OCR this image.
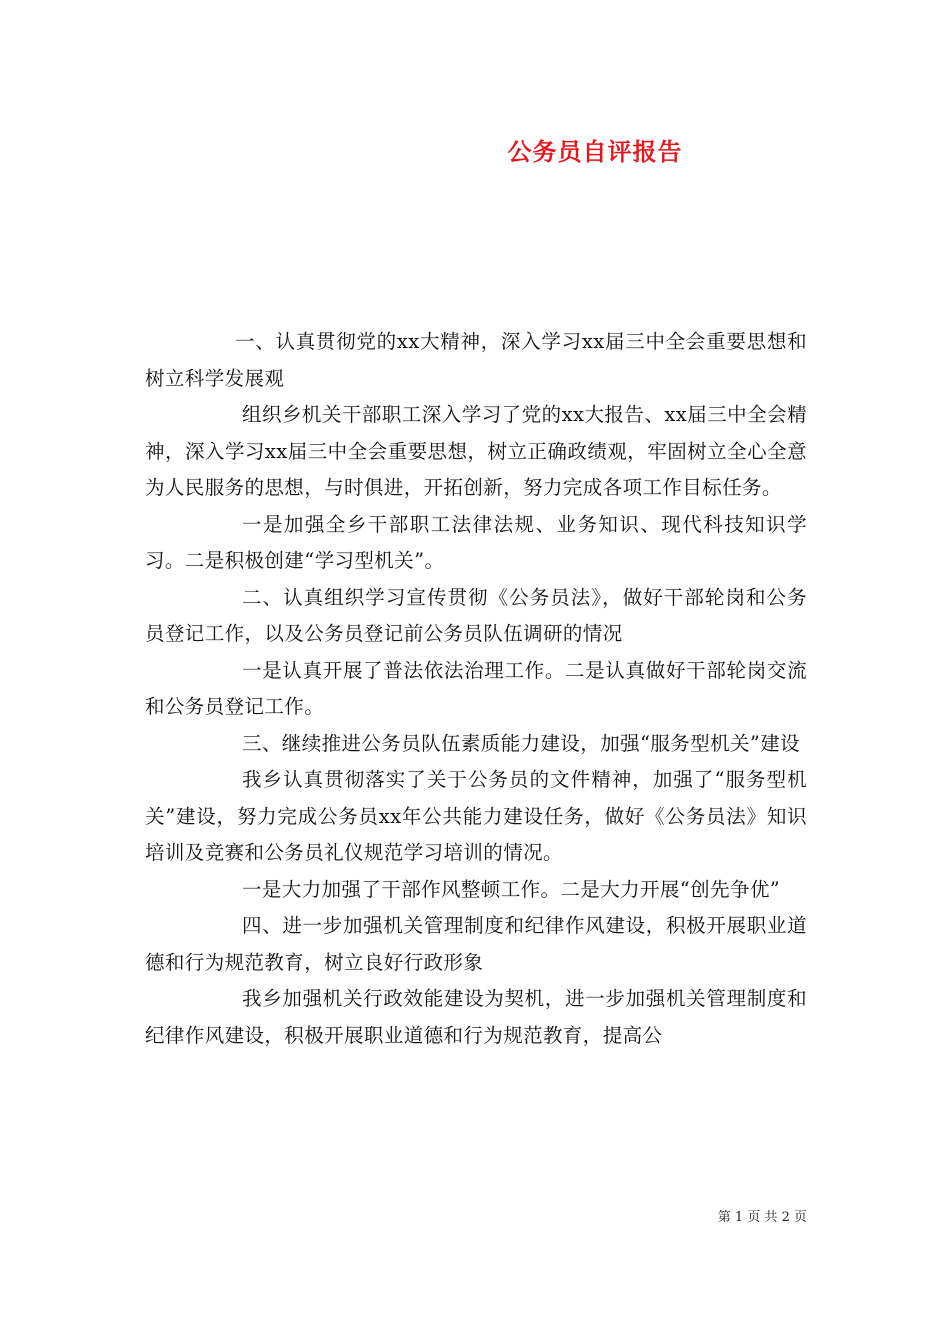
公务员自评报告

一、认真贯彻党的xx大精神，深入学习xx届三中全会重要思想和树立科学发展观

组织乡机关干部职工深入学习了党的xx大报告、xx届三中全会精神，深入学习xx届三中全会重要思想，树立正确政绩观，牢固树立全心全意为人民服务的思想，与时俱进，开拓创新，努力完成各项工作目标任务。

一是加强全乡干部职工法律法规、业务知识、现代科技知识学习。二是积极创建“学习型机关”。

二、认真组织学习宣传贯彻《公务员法》，做好干部轮岗和公务员登记工作，以及公务员登记前公务员队伍调研的情况

一是认真开展了普法依法治理工作。二是认真做好干部轮岗交流和公务员登记工作。

三、继续推进公务员队伍素质能力建设，加强“服务型机关”建设

我乡认真贯彻落实了关于公务员的文件精神，加强了“服务型机关”建设，努力完成公务员xx年公共能力建设任务，做好《公务员法》知识培训及竞赛和公务员礼仪规范学习培训的情况。

一是大力加强了干部作风整顿工作。二是大力开展“创先争优”

四、进一步加强机关管理制度和纪律作风建设，积极开展职业道德和行为规范教育，树立良好行政形象

我乡加强机关行政效能建设为契机，进一步加强机关管理制度和纪律作风建设，积极开展职业道德和行为规范教育，提高公

第 1 页 共 2 页
